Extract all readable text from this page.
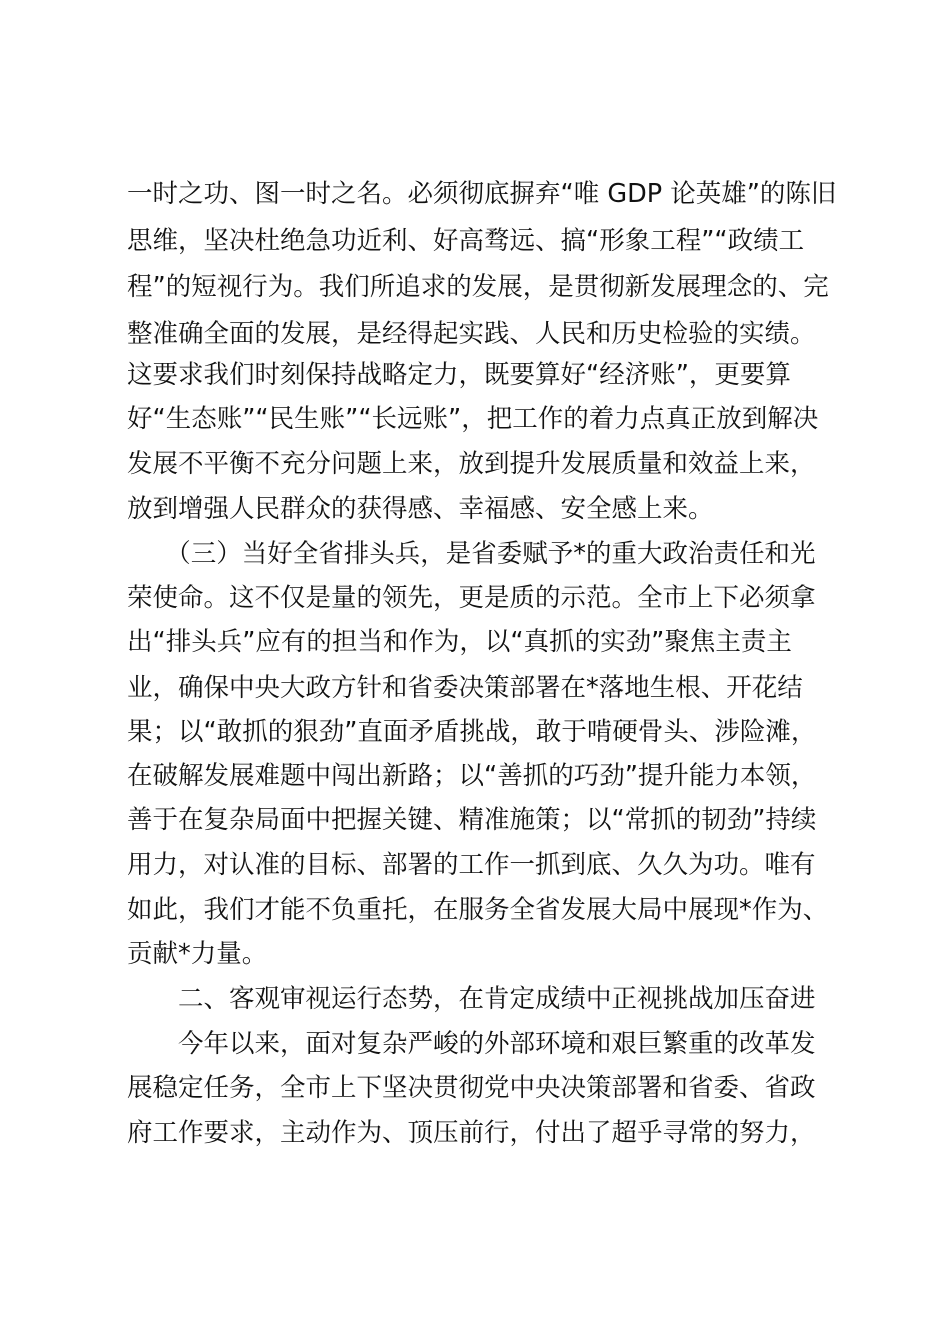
一时之功、图一时之名。必须彻底摒弃“唯 GDP 论英雄”的陈旧
思维，坚决杜绝急功近利、好高骛远、搞“形象工程”“政绩工
程”的短视行为。我们所追求的发展，是贯彻新发展理念的、完
整准确全面的发展，是经得起实践、人民和历史检验的实绩。
这要求我们时刻保持战略定力，既要算好“经济账”，更要算
好“生态账”“民生账”“长远账”，把工作的着力点真正放到解决
发展不平衡不充分问题上来，放到提升发展质量和效益上来，
放到增强人民群众的获得感、幸福感、安全感上来。
　　（三）当好全省排头兵，是省委赋予*的重大政治责任和光
荣使命。这不仅是量的领先，更是质的示范。全市上下必须拿
出“排头兵”应有的担当和作为，以“真抓的实劲”聚焦主责主
业，确保中央大政方针和省委决策部署在*落地生根、开花结
果；以“敢抓的狠劲”直面矛盾挑战，敢于啃硬骨头、涉险滩，
在破解发展难题中闯出新路；以“善抓的巧劲”提升能力本领，
善于在复杂局面中把握关键、精准施策；以“常抓的韧劲”持续
用力，对认准的目标、部署的工作一抓到底、久久为功。唯有
如此，我们才能不负重托，在服务全省发展大局中展现*作为、
贡献*力量。
　　二、客观审视运行态势，在肯定成绩中正视挑战加压奋进
　　今年以来，面对复杂严峻的外部环境和艰巨繁重的改革发
展稳定任务，全市上下坚决贯彻党中央决策部署和省委、省政
府工作要求，主动作为、顶压前行，付出了超乎寻常的努力，
